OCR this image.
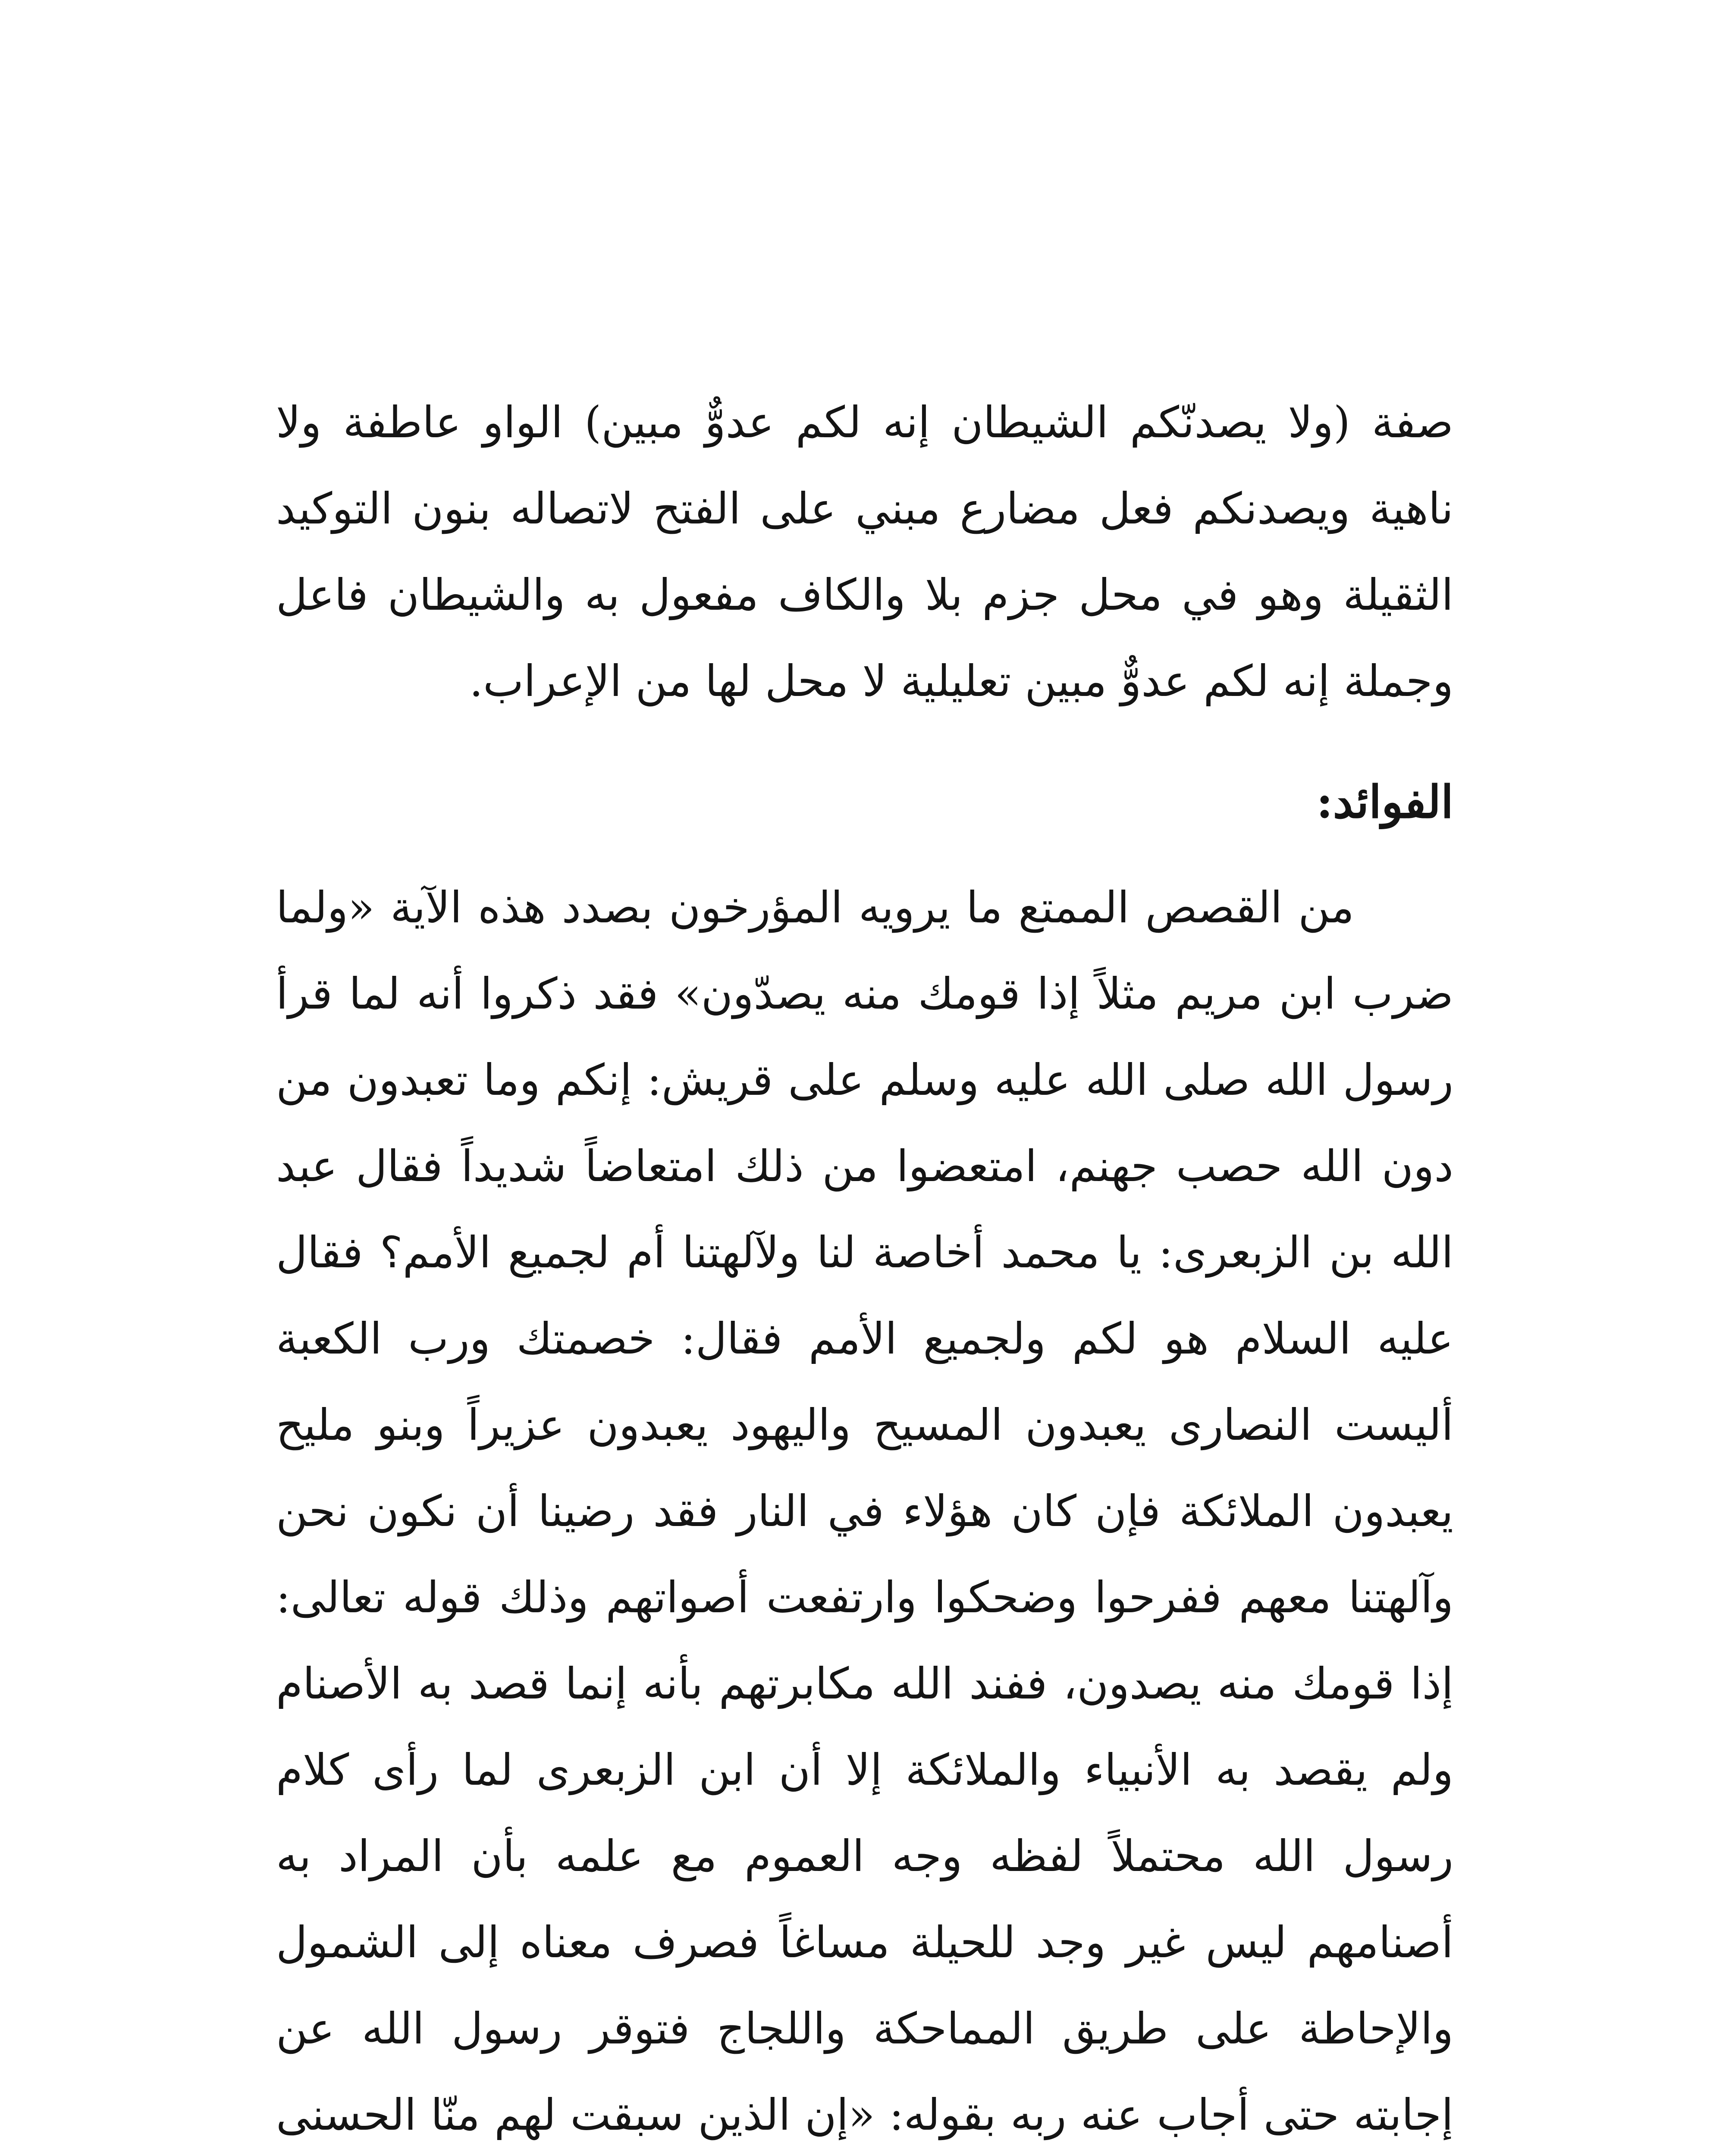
صفة (ولا يصدنّكم الشيطان إنه لكم عدوٌّ مبين) الواو عاطفة ولا ناهية ويصدنكم فعل مضارع مبني على الفتح لاتصاله بنون التوكيد الثقيلة وهو في محل جزم بلا والكاف مفعول به والشيطان فاعل وجملة إنه لكم عدوٌّ مبين تعليلية لا محل لها من الإعراب.

الفوائد:

من القصص الممتع ما يرويه المؤرخون بصدد هذه الآية «ولما ضرب ابن مريم مثلاً إذا قومك منه يصدّون» فقد ذكروا أنه لما قرأ رسول الله صلى الله عليه وسلم على قريش: إنكم وما تعبدون من دون الله حصب جهنم، امتعضوا من ذلك امتعاضاً شديداً فقال عبد الله بن الزبعرى: يا محمد أخاصة لنا ولآلهتنا أم لجميع الأمم؟ فقال عليه السلام هو لكم ولجميع الأمم فقال: خصمتك ورب الكعبة أليست النصارى يعبدون المسيح واليهود يعبدون عزيراً وبنو مليح يعبدون الملائكة فإن كان هؤلاء في النار فقد رضينا أن نكون نحن وآلهتنا معهم ففرحوا وضحكوا وارتفعت أصواتهم وذلك قوله تعالى: إذا قومك منه يصدون، ففند الله مكابرتهم بأنه إنما قصد به الأصنام ولم يقصد به الأنبياء والملائكة إلا أن ابن الزبعرى لما رأى كلام رسول الله محتملاً لفظه وجه العموم مع علمه بأن المراد به أصنامهم ليس غير وجد للحيلة مساغاً فصرف معناه إلى الشمول والإحاطة على طريق المماحكة واللجاج فتوقر رسول الله عن إجابته حتى أجاب عنه ربه بقوله: «إن الذين سبقت لهم منّا الحسنى
